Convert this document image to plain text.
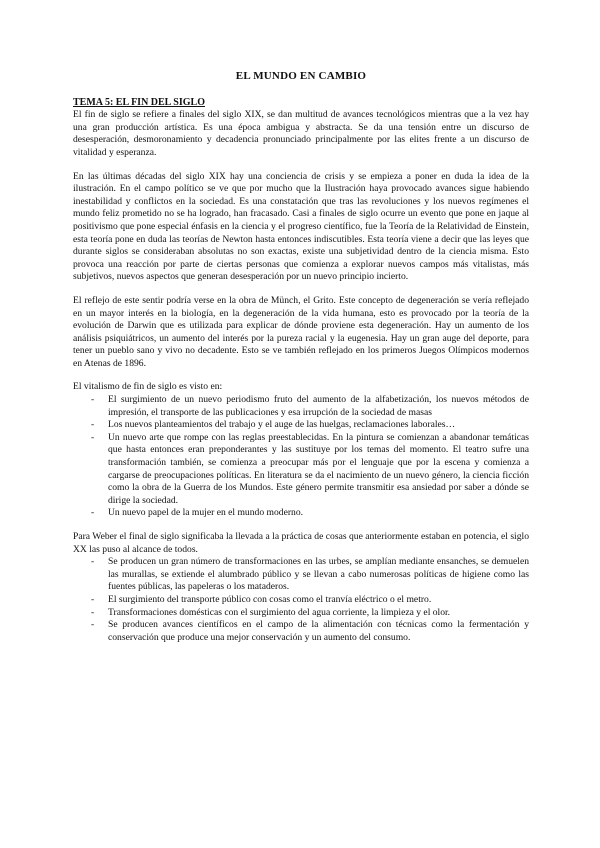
EL MUNDO EN CAMBIO
TEMA 5: EL FIN DEL SIGLO

El fin de siglo se refiere a finales del siglo XIX, se dan multitud de avances tecnológicos mientras que a la vez hay una gran producción artística. Es una época ambigua y abstracta. Se da una tensión entre un discurso de desesperación, desmoronamiento y decadencia pronunciado principalmente por las elites frente a un discurso de vitalidad y esperanza.

En las últimas décadas del siglo XIX hay una conciencia de crisis y se empieza a poner en duda la idea de la ilustración. En el campo político se ve que por mucho que la Ilustración haya provocado avances sigue habiendo inestabilidad y conflictos en la sociedad. Es una constatación que tras las revoluciones y los nuevos regímenes el mundo feliz prometido no se ha logrado, han fracasado. Casi a finales de siglo ocurre un evento que pone en jaque al positivismo que pone especial énfasis en la ciencia y el progreso científico, fue la Teoría de la Relatividad de Einstein, esta teoría pone en duda las teorías de Newton hasta entonces indiscutibles. Esta teoría viene a decir que las leyes que durante siglos se consideraban absolutas no son exactas, existe una subjetividad dentro de la ciencia misma. Esto provoca una reacción por parte de ciertas personas que comienza a explorar nuevos campos más vitalistas, más subjetivos, nuevos aspectos que generan desesperación por un nuevo principio incierto.

El reflejo de este sentir podría verse en la obra de Münch, el Grito. Este concepto de degeneración se vería reflejado en un mayor interés en la biología, en la degeneración de la vida humana, esto es provocado por la teoría de la evolución de Darwin que es utilizada para explicar de dónde proviene esta degeneración. Hay un aumento de los análisis psiquiátricos, un aumento del interés por la pureza racial y la eugenesia. Hay un gran auge del deporte, para tener un pueblo sano y vivo no decadente. Esto se ve también reflejado en los primeros Juegos Olímpicos modernos en Atenas de 1896.

El vitalismo de fin de siglo es visto en:

- El surgimiento de un nuevo periodismo fruto del aumento de la alfabetización, los nuevos métodos de impresión, el transporte de las publicaciones y esa irrupción de la sociedad de masas
- Los nuevos planteamientos del trabajo y el auge de las huelgas, reclamaciones laborales…
- Un nuevo arte que rompe con las reglas preestablecidas. En la pintura se comienzan a abandonar temáticas que hasta entonces eran preponderantes y las sustituye por los temas del momento. El teatro sufre una transformación también, se comienza a preocupar más por el lenguaje que por la escena y comienza a cargarse de preocupaciones políticas. En literatura se da el nacimiento de un nuevo género, la ciencia ficción como la obra de la Guerra de los Mundos. Este género permite transmitir esa ansiedad por saber a dónde se dirige la sociedad.
- Un nuevo papel de la mujer en el mundo moderno.

Para Weber el final de siglo significaba la llevada a la práctica de cosas que anteriormente estaban en potencia, el siglo XX las puso al alcance de todos.

- Se producen un gran número de transformaciones en las urbes, se amplían mediante ensanches, se demuelen las murallas, se extiende el alumbrado público y se llevan a cabo numerosas políticas de higiene como las fuentes públicas, las papeleras o los mataderos.
- El surgimiento del transporte público con cosas como el tranvía eléctrico o el metro.
- Transformaciones domésticas con el surgimiento del agua corriente, la limpieza y el olor.
- Se producen avances científicos en el campo de la alimentación con técnicas como la fermentación y conservación que produce una mejor conservación y un aumento del consumo.
